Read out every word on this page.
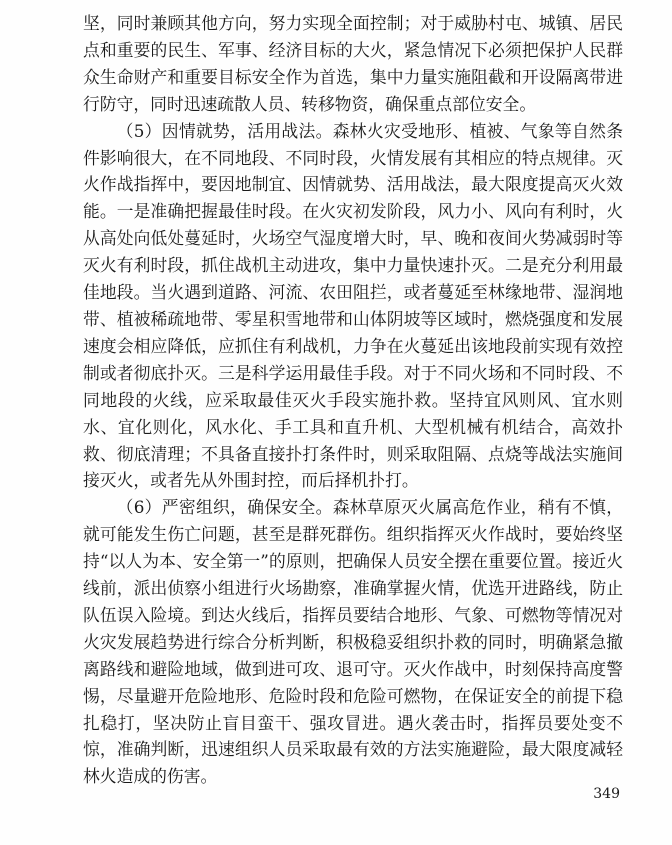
坚，同时兼顾其他方向，努力实现全面控制；对于威胁村屯、城镇、居民点和重要的民生、军事、经济目标的大火，紧急情况下必须把保护人民群众生命财产和重要目标安全作为首选，集中力量实施阻截和开设隔离带进行防守，同时迅速疏散人员、转移物资，确保重点部位安全。

（5）因情就势，活用战法。森林火灾受地形、植被、气象等自然条件影响很大，在不同地段、不同时段，火情发展有其相应的特点规律。灭火作战指挥中，要因地制宜、因情就势、活用战法，最大限度提高灭火效能。一是准确把握最佳时段。在火灾初发阶段，风力小、风向有利时，火从高处向低处蔓延时，火场空气湿度增大时，早、晚和夜间火势减弱时等灭火有利时段，抓住战机主动进攻，集中力量快速扑灭。二是充分利用最佳地段。当火遇到道路、河流、农田阻拦，或者蔓延至林缘地带、湿润地带、植被稀疏地带、零星积雪地带和山体阴坡等区域时，燃烧强度和发展速度会相应降低，应抓住有利战机，力争在火蔓延出该地段前实现有效控制或者彻底扑灭。三是科学运用最佳手段。对于不同火场和不同时段、不同地段的火线，应采取最佳灭火手段实施扑救。坚持宜风则风、宜水则水、宜化则化，风水化、手工具和直升机、大型机械有机结合，高效扑救、彻底清理；不具备直接扑打条件时，则采取阻隔、点烧等战法实施间接灭火，或者先从外围封控，而后择机扑打。

（6）严密组织，确保安全。森林草原灭火属高危作业，稍有不慎，就可能发生伤亡问题，甚至是群死群伤。组织指挥灭火作战时，要始终坚持“以人为本、安全第一”的原则，把确保人员安全摆在重要位置。接近火线前，派出侦察小组进行火场勘察，准确掌握火情，优选开进路线，防止队伍误入险境。到达火线后，指挥员要结合地形、气象、可燃物等情况对火灾发展趋势进行综合分析判断，积极稳妥组织扑救的同时，明确紧急撤离路线和避险地域，做到进可攻、退可守。灭火作战中，时刻保持高度警惕，尽量避开危险地形、危险时段和危险可燃物，在保证安全的前提下稳扎稳打，坚决防止盲目蛮干、强攻冒进。遇火袭击时，指挥员要处变不惊，准确判断，迅速组织人员采取最有效的方法实施避险，最大限度减轻林火造成的伤害。

349
